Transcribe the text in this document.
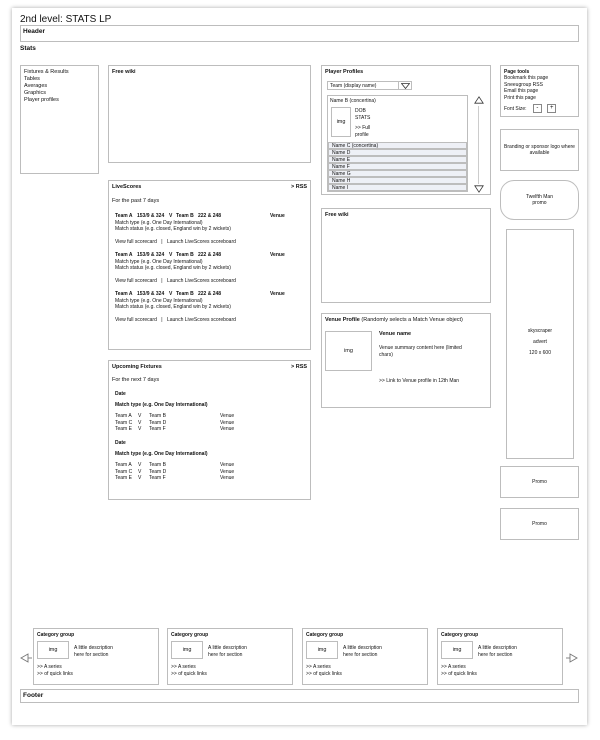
2nd level: STATS LP
Header
Stats
Fixtures & Results
Tables
Averages
Graphics
Player profiles
Free wiki
LiveScores	> RSS
For the past 7 days
Team A 153/9 & 324 V Team B 222 & 248	Venue
Match type (e.g. One Day International)
Match status (e.g. closed, England win by 2 wickets)
View full scorecard | Launch LiveScores scoreboard
Team A 153/9 & 324 V Team B 222 & 248	Venue
Match type (e.g. One Day International)
Match status (e.g. closed, England win by 2 wickets)
View full scorecard | Launch LiveScores scoreboard
Team A 153/9 & 324 V Team B 222 & 248	Venue
Match type (e.g. One Day International)
Match status (e.g. closed, England win by 2 wickets)
View full scorecard | Launch LiveScores scoreboard
Upcoming Fixtures	> RSS
For the next 7 days
Date
Match type (e.g. One Day International)
Team A	V	Team B	Venue
Team C	V	Team D	Venue
Team E	V	Team F	Venue
Date
Match type (e.g. One Day International)
Team A	V	Team B	Venue
Team C	V	Team D	Venue
Team E	V	Team F	Venue
Player Profiles
Team (display name)
Name B (concertina)
img
DOB
STATS
>> Full profile
Name C (concertina)
Name D
Name E
Name F
Name G
Name H
Name I
Free wiki
Venue Profile (Randomly selects a Match Venue object)
img
Venue name
Venue summary content here (limited chars)
>> Link to Venue profile in 12th Man
Page tools
Bookmark this page
Sneeugroup RSS
Email this page
Print this page
Font Size: - +
Branding or sponsor logo where available
Twelfth Man promo
skyscraper
advert
120 x 600
Promo
Promo
Category group
img	A little description here for section
>> A series
>> of quick links
Category group
img	A little description here for section
>> A series
>> of quick links
Category group
img	A little description here for section
>> A series
>> of quick links
Category group
img	A little description here for section
>> A series
>> of quick links
Footer
